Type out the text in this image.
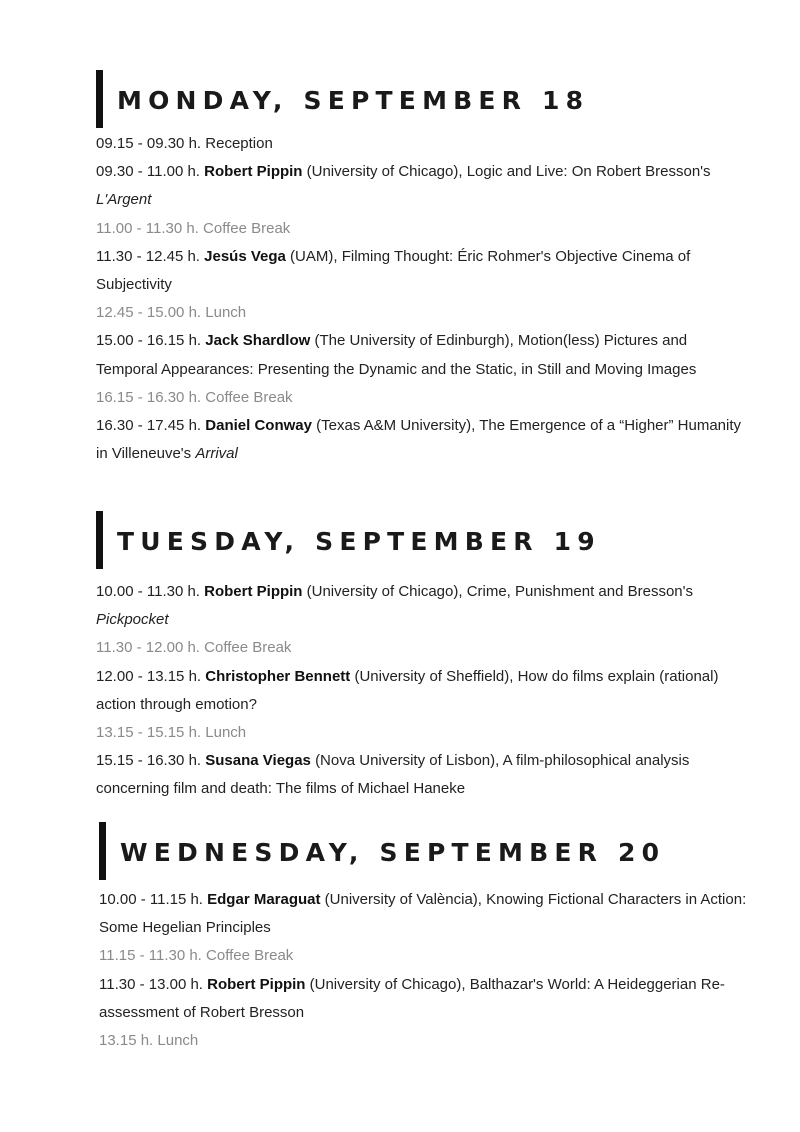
MONDAY, SEPTEMBER 18
09.15 - 09.30 h. Reception
09.30 - 11.00 h. Robert Pippin (University of Chicago), Logic and Live: On Robert Bresson's L'Argent
11.00 - 11.30 h. Coffee Break
11.30 - 12.45 h. Jesús Vega (UAM), Filming Thought: Éric Rohmer's Objective Cinema of Subjectivity
12.45 - 15.00 h. Lunch
15.00 - 16.15 h. Jack Shardlow (The University of Edinburgh), Motion(less) Pictures and Temporal Appearances: Presenting the Dynamic and the Static, in Still and Moving Images
16.15 - 16.30 h. Coffee Break
16.30 - 17.45 h. Daniel Conway (Texas A&M University), The Emergence of a “Higher” Humanity in Villeneuve's Arrival
TUESDAY, SEPTEMBER 19
10.00 - 11.30 h. Robert Pippin (University of Chicago), Crime, Punishment and Bresson's Pickpocket
11.30 - 12.00 h. Coffee Break
12.00 - 13.15 h. Christopher Bennett (University of Sheffield), How do films explain (rational) action through emotion?
13.15 - 15.15 h. Lunch
15.15 - 16.30 h. Susana Viegas (Nova University of Lisbon), A film-philosophical analysis concerning film and death: The films of Michael Haneke
WEDNESDAY, SEPTEMBER 20
10.00 - 11.15 h. Edgar Maraguat (University of València), Knowing Fictional Characters in Action: Some Hegelian Principles
11.15 - 11.30 h. Coffee Break
11.30 - 13.00 h. Robert Pippin (University of Chicago), Balthazar's World: A Heideggerian Re-assessment of Robert Bresson
13.15 h. Lunch
